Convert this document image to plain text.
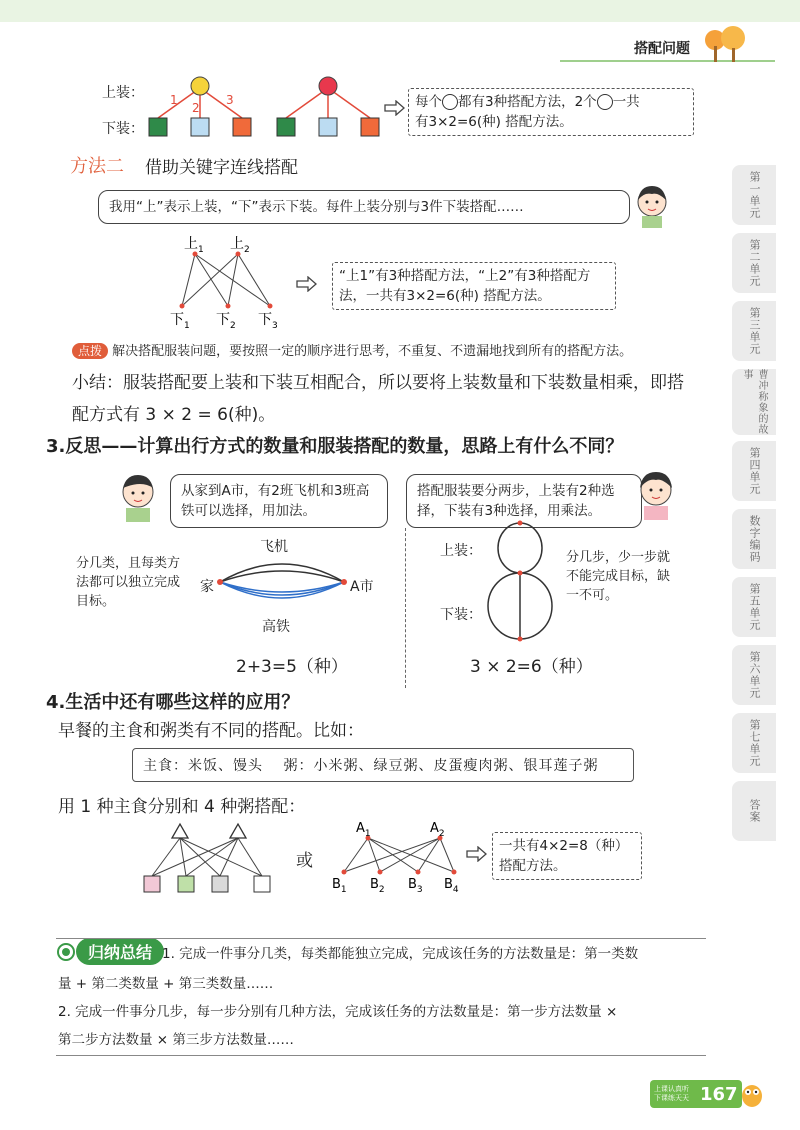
搭配问题
第一单元
第二单元
第三单元
曹冲称象的故事
第四单元
数字编码
第五单元
第六单元
第七单元
答案
上装：
下装：
1
2
3	每个 都有3种搭配方法，2个 一共
有3×2=6(种) 搭配方法。
方法二 借助关键字连线搭配
我用“上”表示上装，“下”表示下装。每件上装分别与3件下装搭配……
上$_1$ 上$_2$
下$_1$ 下$_2$ 下$_3$
“上1”有3种搭配方法，“上2”有3种搭配方法，一共有3×2=6(种) 搭配方法。
点拨 解决搭配服装问题，要按照一定的顺序进行思考，不重复、不遗漏地找到所有的搭配方法。
小结：服装搭配要上装和下装互相配合，所以要将上装数量和下装数量相乘，即搭
配方式有 3 × 2 = 6(种)。
3.反思——计算出行方式的数量和服装搭配的数量，思路上有什么不同？
从家到A市，有2班飞机和3班高铁可以选择，用加法。
搭配服装要分两步，上装有2种选择，下装有3种选择，用乘法。
分几类，且每类方法都可以独立完成目标。
家	A市
飞机
高铁
2+3=5（种）
上装：
下装：
分几步，少一步就不能完成目标，缺一不可。
3 × 2=6（种）
4.生活中还有哪些这样的应用？
早餐的主食和粥类有不同的搭配。比如：
主食：米饭、馒头　 粥：小米粥、绿豆粥、皮蛋瘦肉粥、银耳莲子粥
用 1 种主食分别和 4 种粥搭配：
或
$A_1$	$A_2$
$B_1$ $B_2$ $B_3$ $B_4$
一共有4×2=8（种）搭配方法。
归纳总结 1. 完成一件事分几类，每类都能独立完成，完成该任务的方法数量是：第一类数
量 + 第二类数量 + 第三类数量……
2. 完成一件事分几步，每一步分别有几种方法，完成该任务的方法数量是：第一步方法数量 ×
第二步方法数量 × 第三步方法数量……
上课认真听
下课练天天 167
